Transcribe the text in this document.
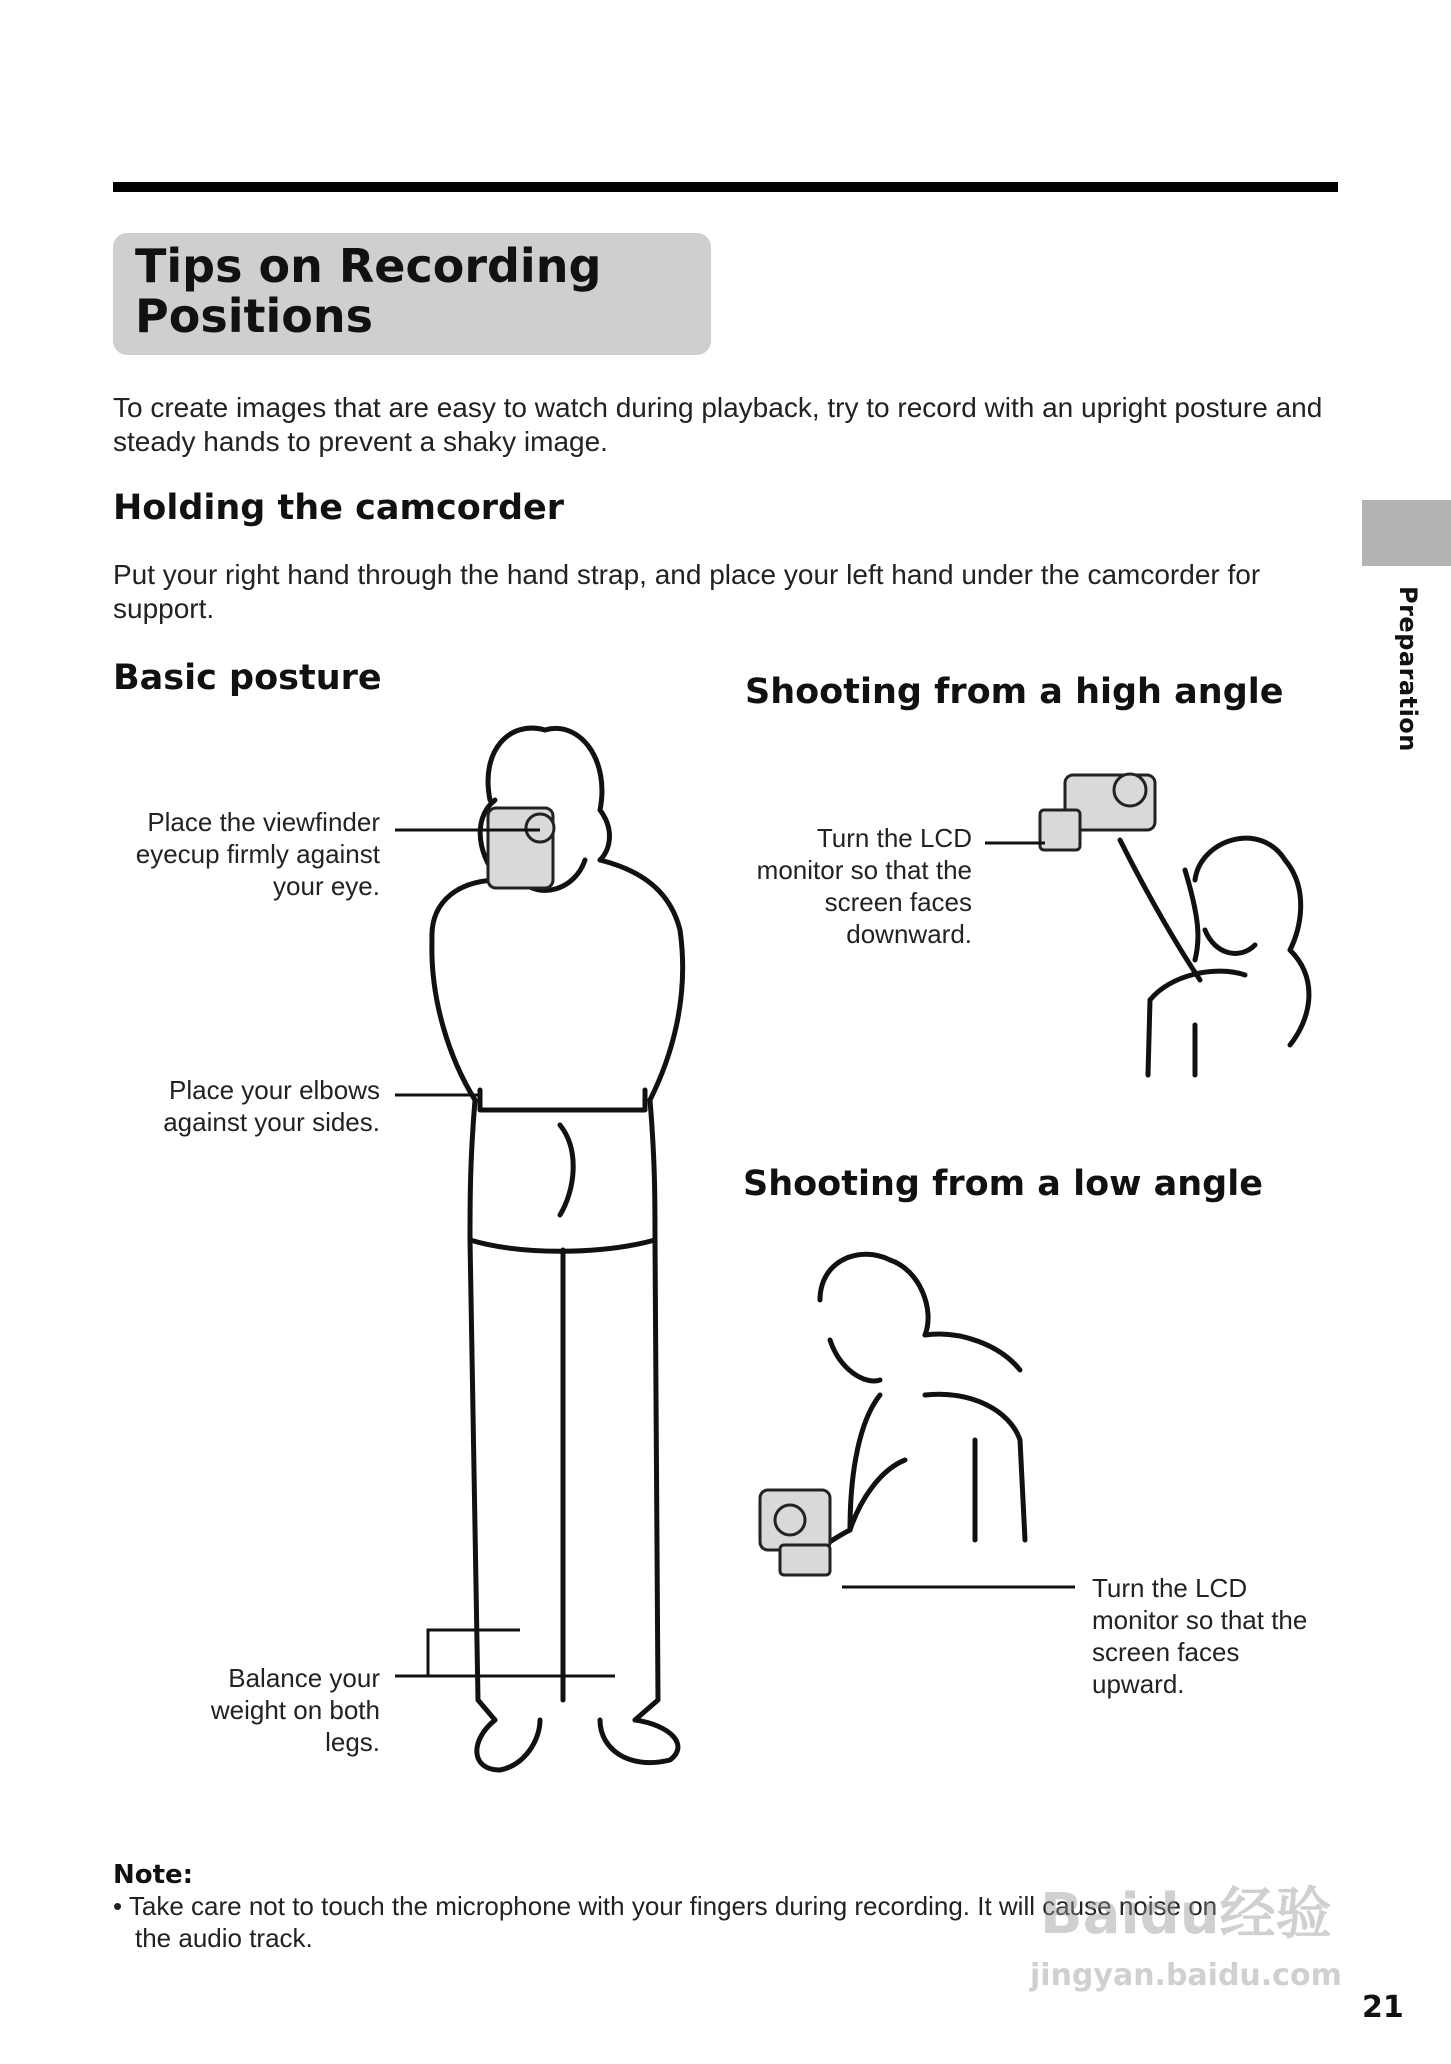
Tips on Recording
Positions
To create images that are easy to watch during playback, try to record with an upright posture and steady hands to prevent a shaky image.
Holding the camcorder
Put your right hand through the hand strap, and place your left hand under the camcorder for support.	Preparation
Basic posture	Shooting from a high angle
Shooting from a low angle
Place the viewfinder
eyecup firmly against
your eye.
Place your elbows
against your sides.
Balance your
weight on both
legs.
Turn the LCD
monitor so that the
screen faces
downward.
Turn the LCD
monitor so that the
screen faces
upward.
Note:
• Take care not to touch the microphone with your fingers during recording. It will cause noise on
the audio track.	Baidu经验
jingyan.baidu.com
21
